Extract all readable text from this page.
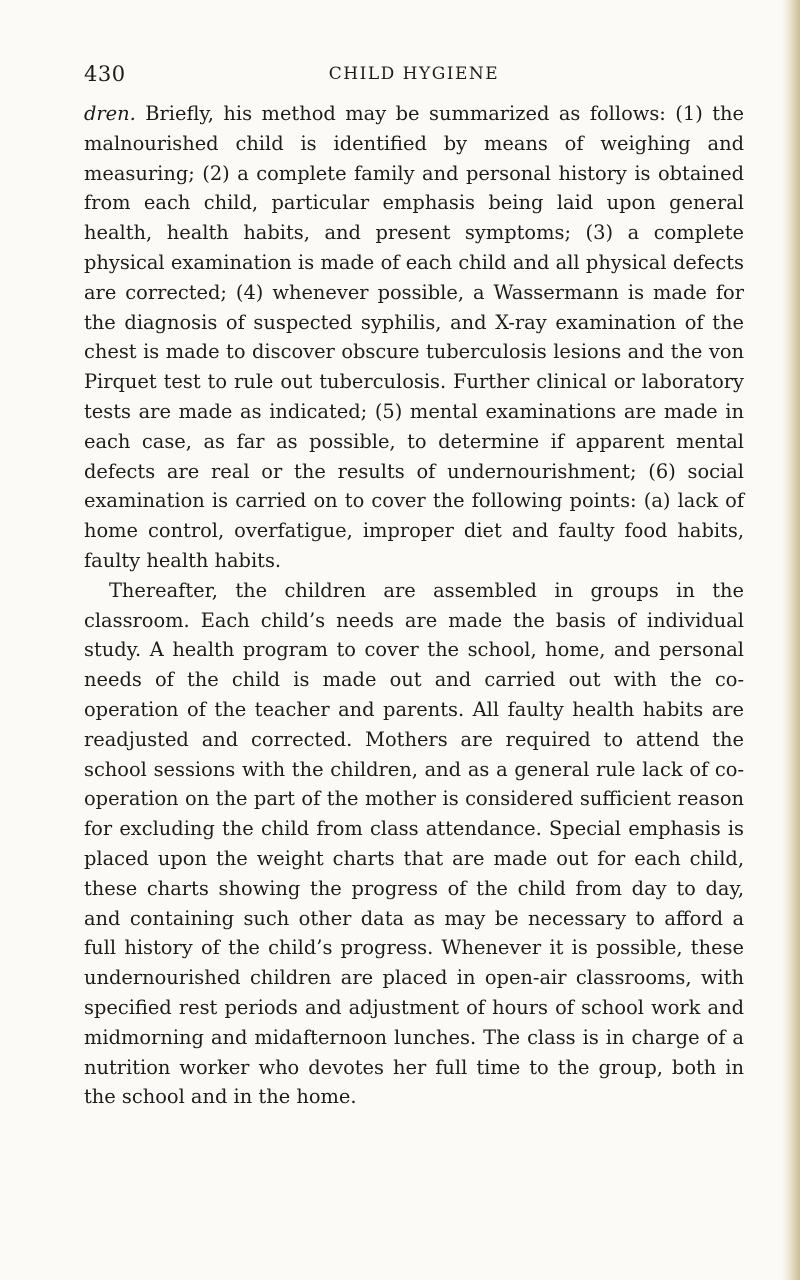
430	CHILD HYGIENE

dren. Briefly, his method may be summarized as follows: (1) the malnourished child is identified by means of weighing and measuring; (2) a complete family and personal history is obtained from each child, particular emphasis being laid upon general health, health habits, and present symptoms; (3) a complete physical examination is made of each child and all physical defects are corrected; (4) whenever possible, a Wassermann is made for the diagnosis of suspected syphilis, and X-ray examination of the chest is made to discover obscure tuberculosis lesions and the von Pirquet test to rule out tuberculosis. Further clinical or laboratory tests are made as indicated; (5) mental examinations are made in each case, as far as possible, to determine if apparent mental defects are real or the results of undernourishment; (6) social examination is carried on to cover the following points: (a) lack of home control, overfatigue, improper diet and faulty food habits, faulty health habits.

Thereafter, the children are assembled in groups in the classroom. Each child’s needs are made the basis of individual study. A health program to cover the school, home, and personal needs of the child is made out and carried out with the co-operation of the teacher and parents. All faulty health habits are readjusted and corrected. Mothers are required to attend the school sessions with the children, and as a general rule lack of co-operation on the part of the mother is considered sufficient reason for excluding the child from class attendance. Special emphasis is placed upon the weight charts that are made out for each child, these charts showing the progress of the child from day to day, and containing such other data as may be necessary to afford a full history of the child’s progress. Whenever it is possible, these undernourished children are placed in open-air classrooms, with specified rest periods and adjustment of hours of school work and midmorning and midafternoon lunches. The class is in charge of a nutrition worker who devotes her full time to the group, both in the school and in the home.
